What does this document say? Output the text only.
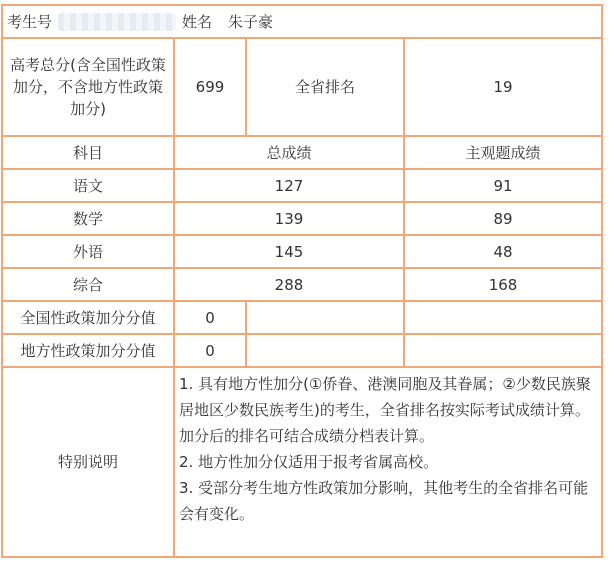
考生号 姓名 朱子豪			
高考总分(含全国性政策加分，不含地方性政策加分)	699	全省排名	19
科目	总成绩		主观题成绩
语文	127		91
数学	139		89
外语	145		48
综合	288		168
全国性政策加分分值	0		
地方性政策加分分值	0		
特别说明	1. 具有地方性加分(①侨眷、港澳同胞及其眷属；②少数民族聚居地区少数民族考生)的考生，全省排名按实际考试成绩计算。加分后的排名可结合成绩分档表计算。

2. 地方性加分仅适用于报考省属高校。

3. 受部分考生地方性政策加分影响，其他考生的全省排名可能会有变化。		
